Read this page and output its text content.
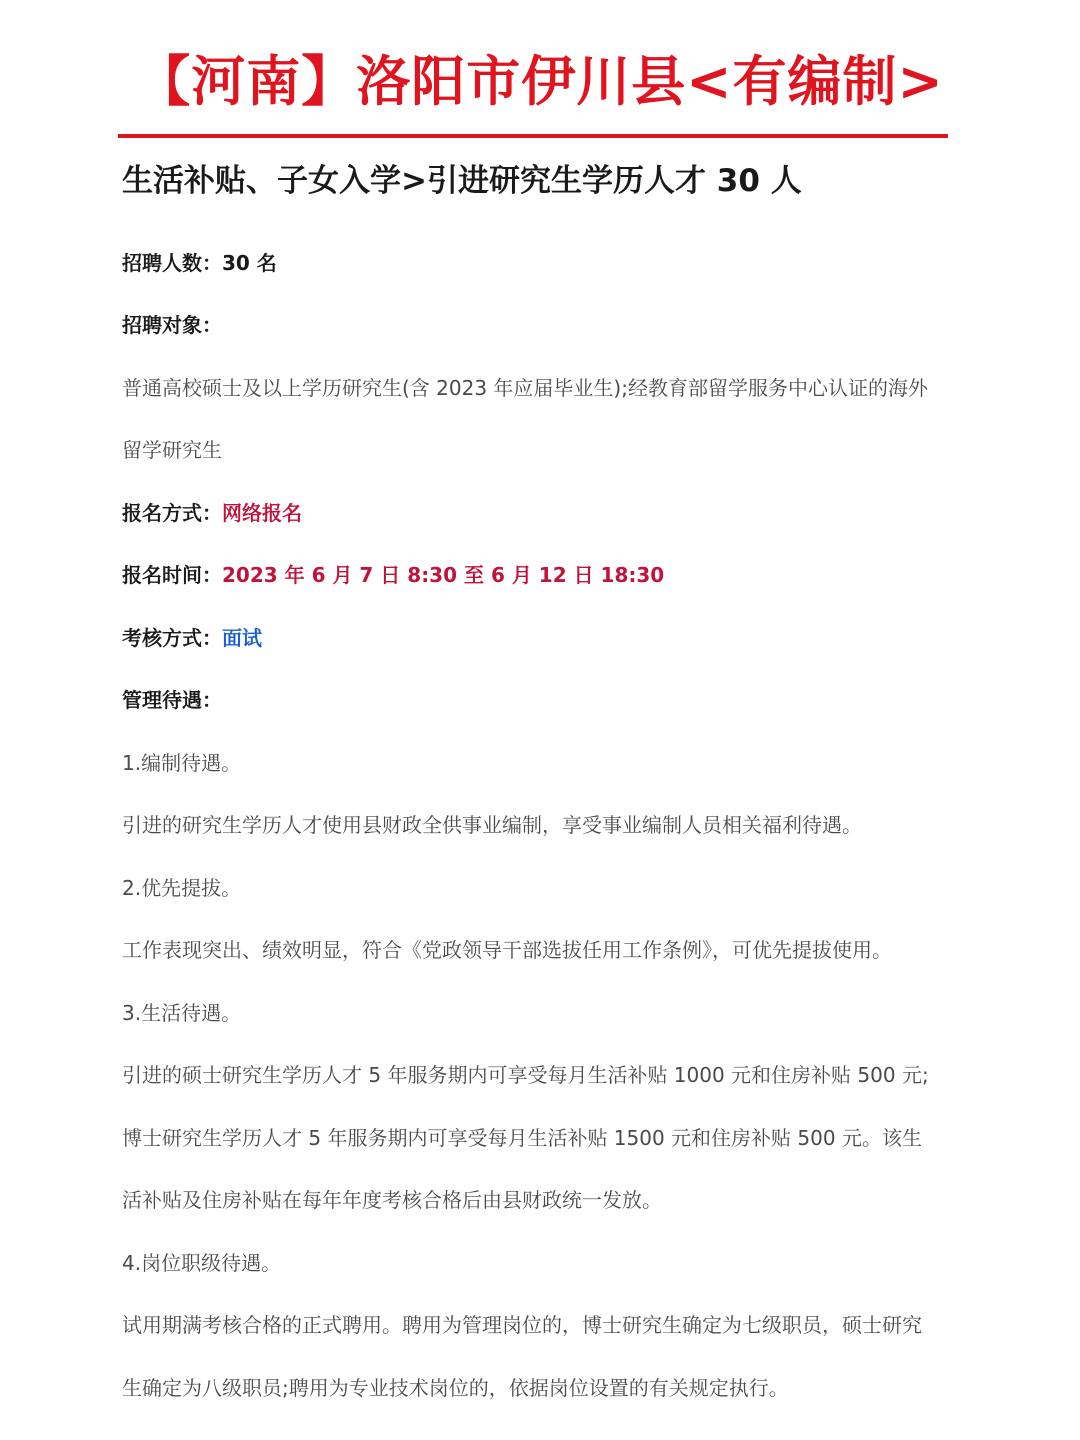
【河南】洛阳市伊川县<有编制>
生活补贴、子女入学>引进研究生学历人才 30 人
招聘人数：30 名
招聘对象：
普通高校硕士及以上学历研究生(含 2023 年应届毕业生);经教育部留学服务中心认证的海外
留学研究生
报名方式：网络报名
报名时间：2023 年 6 月 7 日 8:30 至 6 月 12 日 18:30
考核方式：面试
管理待遇：
1.编制待遇。
引进的研究生学历人才使用县财政全供事业编制，享受事业编制人员相关福利待遇。
2.优先提拔。
工作表现突出、绩效明显，符合《党政领导干部选拔任用工作条例》，可优先提拔使用。
3.生活待遇。
引进的硕士研究生学历人才 5 年服务期内可享受每月生活补贴 1000 元和住房补贴 500 元;
博士研究生学历人才 5 年服务期内可享受每月生活补贴 1500 元和住房补贴 500 元。该生
活补贴及住房补贴在每年年度考核合格后由县财政统一发放。
4.岗位职级待遇。
试用期满考核合格的正式聘用。聘用为管理岗位的，博士研究生确定为七级职员，硕士研究
生确定为八级职员;聘用为专业技术岗位的，依据岗位设置的有关规定执行。
